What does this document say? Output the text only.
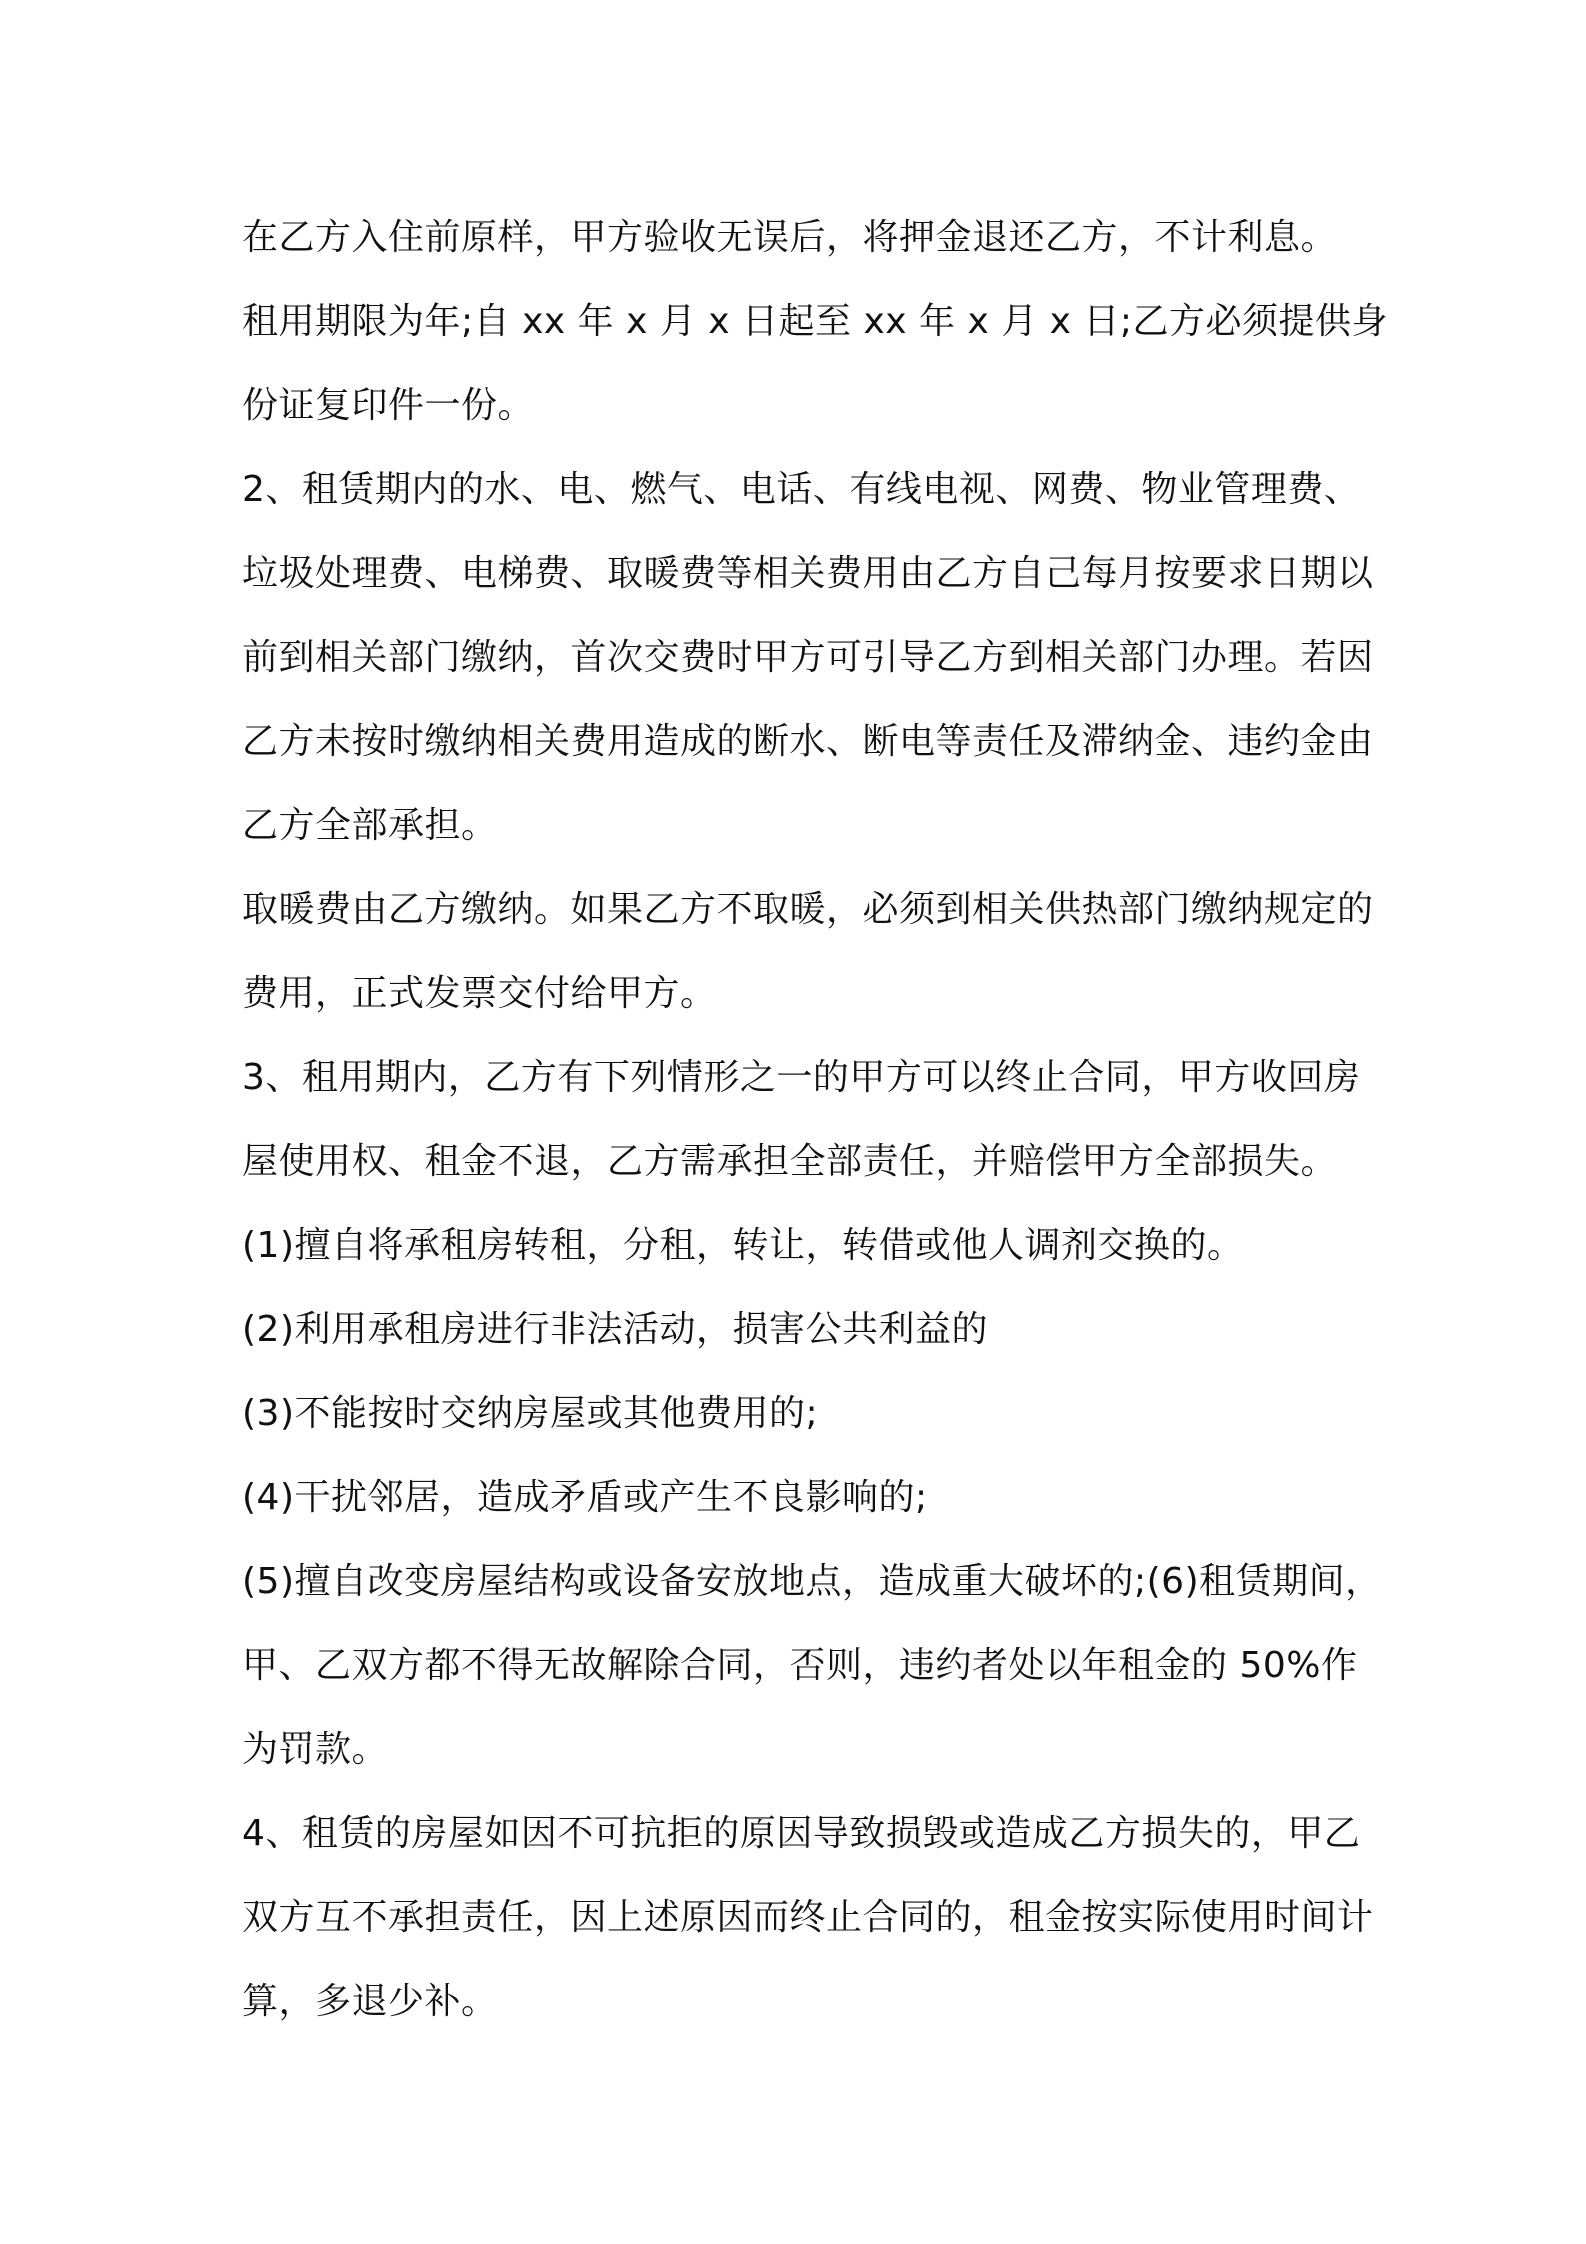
在乙方入住前原样，甲方验收无误后，将押金退还乙方，不计利息。

租用期限为年;自 xx 年 x 月 x 日起至 xx 年 x 月 x 日;乙方必须提供身份证复印件一份。

2、租赁期内的水、电、燃气、电话、有线电视、网费、物业管理费、垃圾处理费、电梯费、取暖费等相关费用由乙方自己每月按要求日期以前到相关部门缴纳，首次交费时甲方可引导乙方到相关部门办理。若因乙方未按时缴纳相关费用造成的断水、断电等责任及滞纳金、违约金由乙方全部承担。

取暖费由乙方缴纳。如果乙方不取暖，必须到相关供热部门缴纳规定的费用，正式发票交付给甲方。

3、租用期内，乙方有下列情形之一的甲方可以终止合同，甲方收回房屋使用权、租金不退，乙方需承担全部责任，并赔偿甲方全部损失。

(1)擅自将承租房转租，分租，转让，转借或他人调剂交换的。

(2)利用承租房进行非法活动，损害公共利益的

(3)不能按时交纳房屋或其他费用的;

(4)干扰邻居，造成矛盾或产生不良影响的;

(5)擅自改变房屋结构或设备安放地点，造成重大破坏的;(6)租赁期间，甲、乙双方都不得无故解除合同，否则，违约者处以年租金的 50%作为罚款。

4、租赁的房屋如因不可抗拒的原因导致损毁或造成乙方损失的，甲乙双方互不承担责任，因上述原因而终止合同的，租金按实际使用时间计算，多退少补。
